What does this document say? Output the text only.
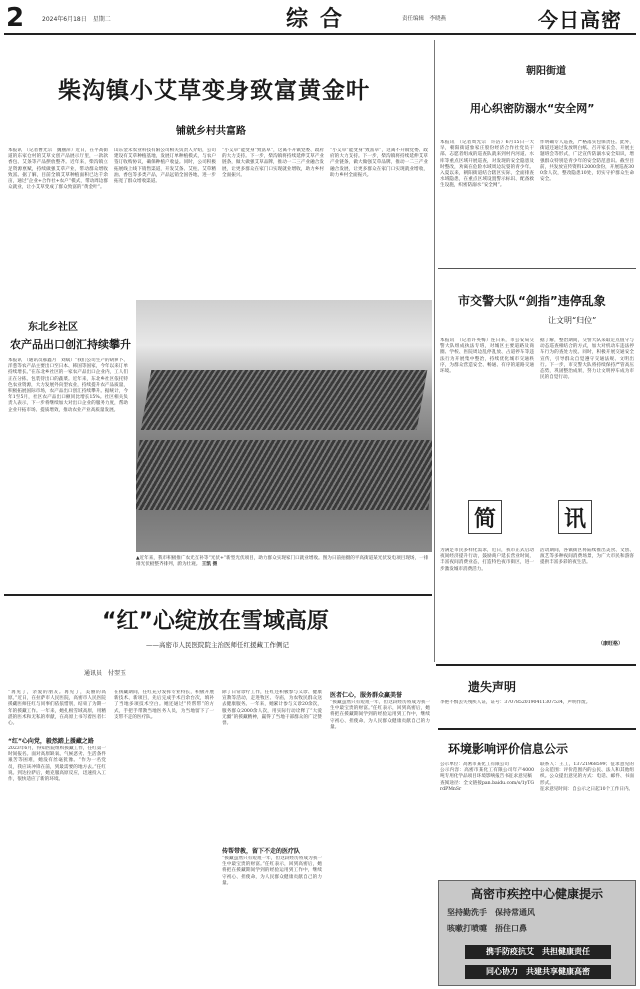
2	2024年6月18日　星期二	综合	责任编辑　李晓燕	今日高密
柴沟镇小艾草变身致富黄金叶
铺就乡村共富路
本报讯　（记者曹光宗　魏丽萍）近日，在平高街道的东家仓村的艾草文创产品展示厅里，一款款香包、艾条等产品摆放整齐。近年来，柴沟镇立足资源禀赋，持续做强艾草产业，带动群众增收致富。据了解，目前全镇艾草种植面积已达千余亩，通过“企业+合作社+农户”模式，带动周边群众就业，让小艾草变成了群众致富的“黄金叶”。
山东金禾农业科技有限公司相关负责人介绍，公司建设有艾草种植基地，发展订单种植模式，与农户签订收购协议，确保种植户收益。同时，公司积极拓展线上线下销售渠道，开发艾条、艾柱、艾草精油、香包等多类产品，产品远销全国各地，进一步拓宽了群众增收渠道。
“小艾草”能变身“致富草”，这离不开镇党委、政府的大力支持。下一步，柴沟镇将持续延伸艾草产业链条，做大做强艾草品牌，推动一二三产业融合发展，让更多群众在家门口实现就业增收，助力乡村全面振兴。
“小艾草”能变身“致富草”，这离不开镇党委、政府的大力支持。下一步，柴沟镇将持续延伸艾草产业链条，做大做强艾草品牌，推动一二三产业融合发展，让更多群众在家门口实现就业增收，助力乡村全面振兴。
朝阳街道
用心织密防溺水“安全网”
本报讯　（记者周光宗　许洁）6月15日一大早，朝阳街道象家庄股份经济合作社党员干部、志愿者组成的巡查队就来到村内河道、水库等重点区域开展巡查，对发现的安全隐患及时整改，劝离在危险水域周边玩耍的青少年。入夏以来，朝阳街道结合辖区实际，全面排查水域隐患，在重点区域设置警示标识、配备救生设施，织密防溺水“安全网”。
作明确专人巡查，严格落实包保责任。此外，街道还通过发放明白纸、召开家长会、开展主题班会等形式，广泛宣传防溺水安全知识，增强群众特别是青少年的安全防范意识。截至目前，共发放宣传资料12000余份，开展巡查300余人次，整改隐患10处，切实守护群众生命安全。
市交警大队“剑指”违停乱象
让文明“归位”
本报讯　（记者许英梅）连日来，市公安局交警大队组成执法专班，对城区主要道路及商圈、学校、医院周边乱停乱放、占道停车等违法行为开展集中整治，持续优化城市交通秩序，为群众营造安全、畅通、有序的道路交通环境。
据了解，整治期间，交警大队采取定点值守与动态巡查相结合的方式，加大对机动车违法停车行为的查处力度。同时，积极开展交通安全宣传，引导群众自觉遵守交通法规、文明出行。下一步，市交警大队将持续保持严管高压态势，巩固整治成果，努力让文明停车成为市民的自觉行动。
简	讯
为满足市民多样化需求，近日，我市正式启动夜间经济提升行动，鼓励商户延长营业时间，丰富夜间消费业态，打造特色夜市街区，进一步激发城市消费活力。
活动期间，各镇街区将陆续推出美食、文创、演艺等多种夜间消费场景，为广大市民和游客提供丰富多彩的夜生活。
（康旺格）
遗失声明
李艳不慎丢失残疾人证，证号：37078520190411307534，声明作废。
环境影响评价信息公示
公示单位：高密市某化工有限公司
公示内容：高密市某化工有限公司年产4000吨专用化学品项目环境影响报告书征求意见稿
查阅途径：全文链接pan.baidu.com/s/1yTGrdPMnSr
联系人：王工，13721968599；征求意见的公众范围：评价范围内的公民、法人和其他组织。公众提出意见的方式：电话、邮件、书面形式。
征求意见时间：自公示之日起10个工作日内。
高密市疾控中心健康提示
坚持勤洗手　保持常通风
咳嗽打喷嚏　捂住口鼻
携手防疫抗艾　共担健康责任
同心协力　共建共享健康高密
东北乡社区
农产品出口创汇持续攀升
本报讯　（通讯员郝鑫月　刘斌）“我们公司生产的胡萝卜、洋葱等农产品主要出口至日本、韩国等国家，今年以来订单持续增长。”在东北乡社区的一家农产品出口企业内，工人们正在分拣、包装待出口的蔬菜。近年来，东北乡社区依托特色农业资源，大力发展外向型农业，持续提升农产品质量，积极拓展国际市场，农产品出口创汇持续攀升。据统计，今年1至5月，社区农产品出口额同比增长15%。社区相关负责人表示，下一步将继续加大对出口企业的服务力度，帮助企业开拓市场、提质增效，推动农业产业高质量发展。
▲近年来，我市积极推广农光互补等“光伏+”新型光伏项目，助力群众实现家门口就业增收。图为日前拍摄的平高街道某光伏发电项目现场，一排排光伏板整齐排列，蔚为壮观。 王凯 摄
“红”心绽放在雪域高原
——高密市人民医院院主治医师任红援藏工作侧记
通讯员　付翌玉
“再见了，亲爱的朋友。再见了，美丽的高原。”近日，在拉萨市人民医院，高密市人民医院援藏医师任红与同事们依依惜别，结束了为期一年的援藏工作。一年来，她扎根雪域高原，用精湛的医术和无私的奉献，在高原上书写着医者仁心。
“红”心向党，毅然踏上援藏之路
2023年6月，得知医院组织援藏工作，任红第一时间报名。面对高原缺氧、气候恶劣、生活条件艰苦等困难，她没有丝毫犹豫。“作为一名党员，我应该冲锋在前，到最需要的地方去。”任红说。到达拉萨后，她克服高原反应，迅速投入工作，很快适应了新的环境。
在援藏期间，任红充分发挥专业特长，积极开展新技术、新项目，先后完成手术百余台次，填补了当地多项技术空白。她还通过“传帮带”的方式，手把手带教当地医务人员，为当地留下了一支带不走的医疗队。
除了日常诊疗工作，任红还积极参与义诊、健康宣教等活动，走进牧区、寺庙，为农牧民群众送去健康服务。一年来，她累计参与义诊20余次，服务群众2000余人次，用实际行动诠释了“大爱无疆”的援藏精神，赢得了当地干部群众的广泛赞誉。
传帮带教，留下不走的医疗队
“援藏虽然只有短短一年，但这段经历将成为我一生中最宝贵的财富。”任红表示，回到高密后，她将把在援藏期间学到的经验运用到工作中，继续守初心、担使命，为人民群众健康贡献自己的力量。
医者仁心，服务群众赢美誉
“援藏虽然只有短短一年，但这段经历将成为我一生中最宝贵的财富。”任红表示，回到高密后，她将把在援藏期间学到的经验运用到工作中，继续守初心、担使命，为人民群众健康贡献自己的力量。
